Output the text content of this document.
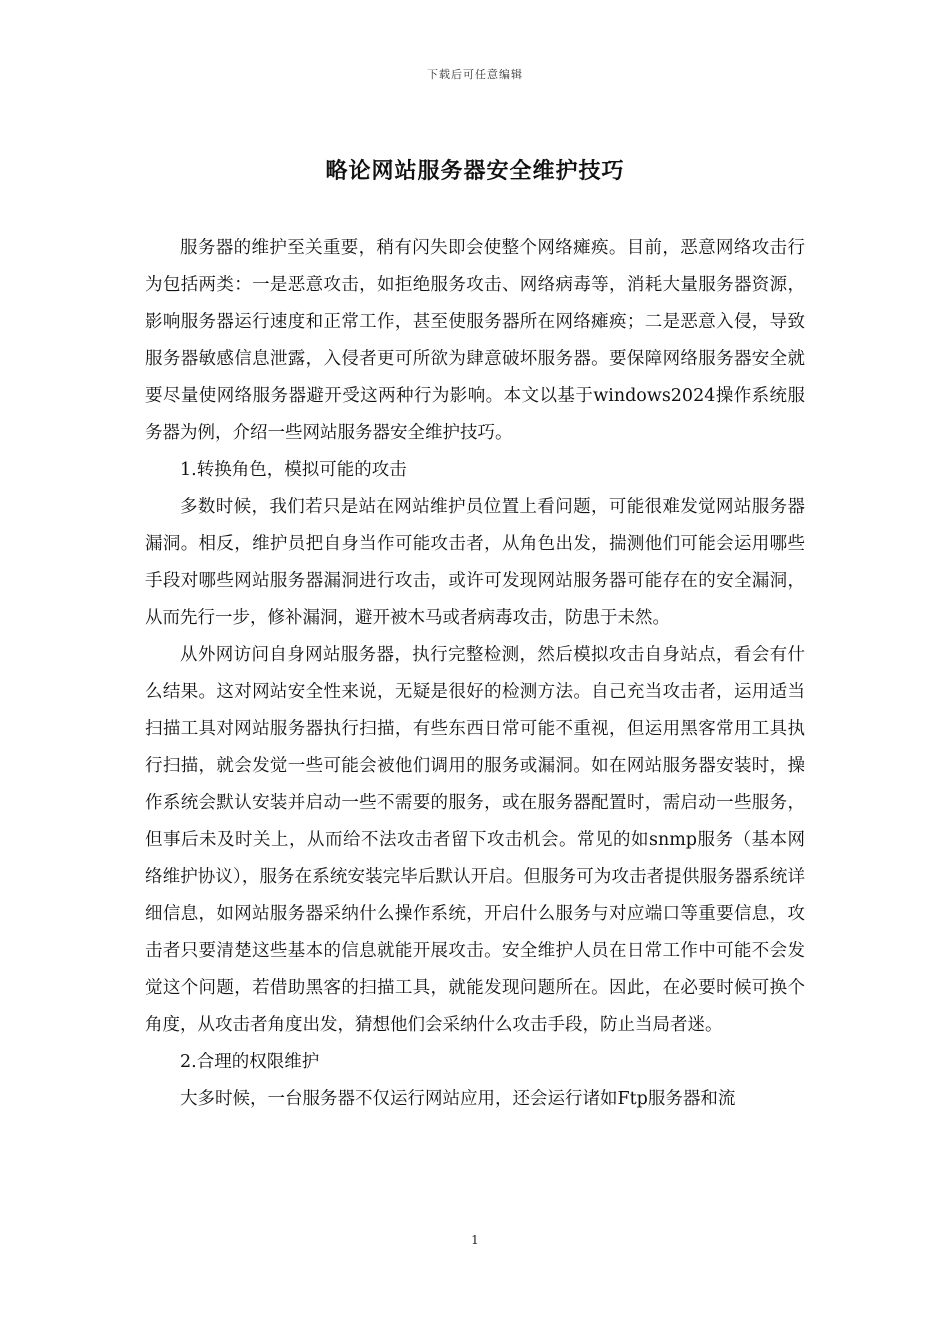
下载后可任意编辑
略论网站服务器安全维护技巧

服务器的维护至关重要，稍有闪失即会使整个网络瘫痪。目前，恶意网络攻击行为包括两类：一是恶意攻击，如拒绝服务攻击、网络病毒等，消耗大量服务器资源，影响服务器运行速度和正常工作，甚至使服务器所在网络瘫痪；二是恶意入侵，导致服务器敏感信息泄露，入侵者更可所欲为肆意破坏服务器。要保障网络服务器安全就要尽量使网络服务器避开受这两种行为影响。本文以基于windows2024操作系统服务器为例，介绍一些网站服务器安全维护技巧。

1.转换角色，模拟可能的攻击

多数时候，我们若只是站在网站维护员位置上看问题，可能很难发觉网站服务器漏洞。相反，维护员把自身当作可能攻击者，从角色出发，揣测他们可能会运用哪些手段对哪些网站服务器漏洞进行攻击，或许可发现网站服务器可能存在的安全漏洞，从而先行一步，修补漏洞，避开被木马或者病毒攻击，防患于未然。

从外网访问自身网站服务器，执行完整检测，然后模拟攻击自身站点，看会有什么结果。这对网站安全性来说，无疑是很好的检测方法。自己充当攻击者，运用适当扫描工具对网站服务器执行扫描，有些东西日常可能不重视，但运用黑客常用工具执行扫描，就会发觉一些可能会被他们调用的服务或漏洞。如在网站服务器安装时，操作系统会默认安装并启动一些不需要的服务，或在服务器配置时，需启动一些服务，但事后未及时关上，从而给不法攻击者留下攻击机会。常见的如snmp服务（基本网络维护协议），服务在系统安装完毕后默认开启。但服务可为攻击者提供服务器系统详细信息，如网站服务器采纳什么操作系统，开启什么服务与对应端口等重要信息，攻击者只要清楚这些基本的信息就能开展攻击。安全维护人员在日常工作中可能不会发觉这个问题，若借助黑客的扫描工具，就能发现问题所在。因此，在必要时候可换个角度，从攻击者角度出发，猜想他们会采纳什么攻击手段，防止当局者迷。

2.合理的权限维护

大多时候，一台服务器不仅运行网站应用，还会运行诸如Ftp服务器和流

1
